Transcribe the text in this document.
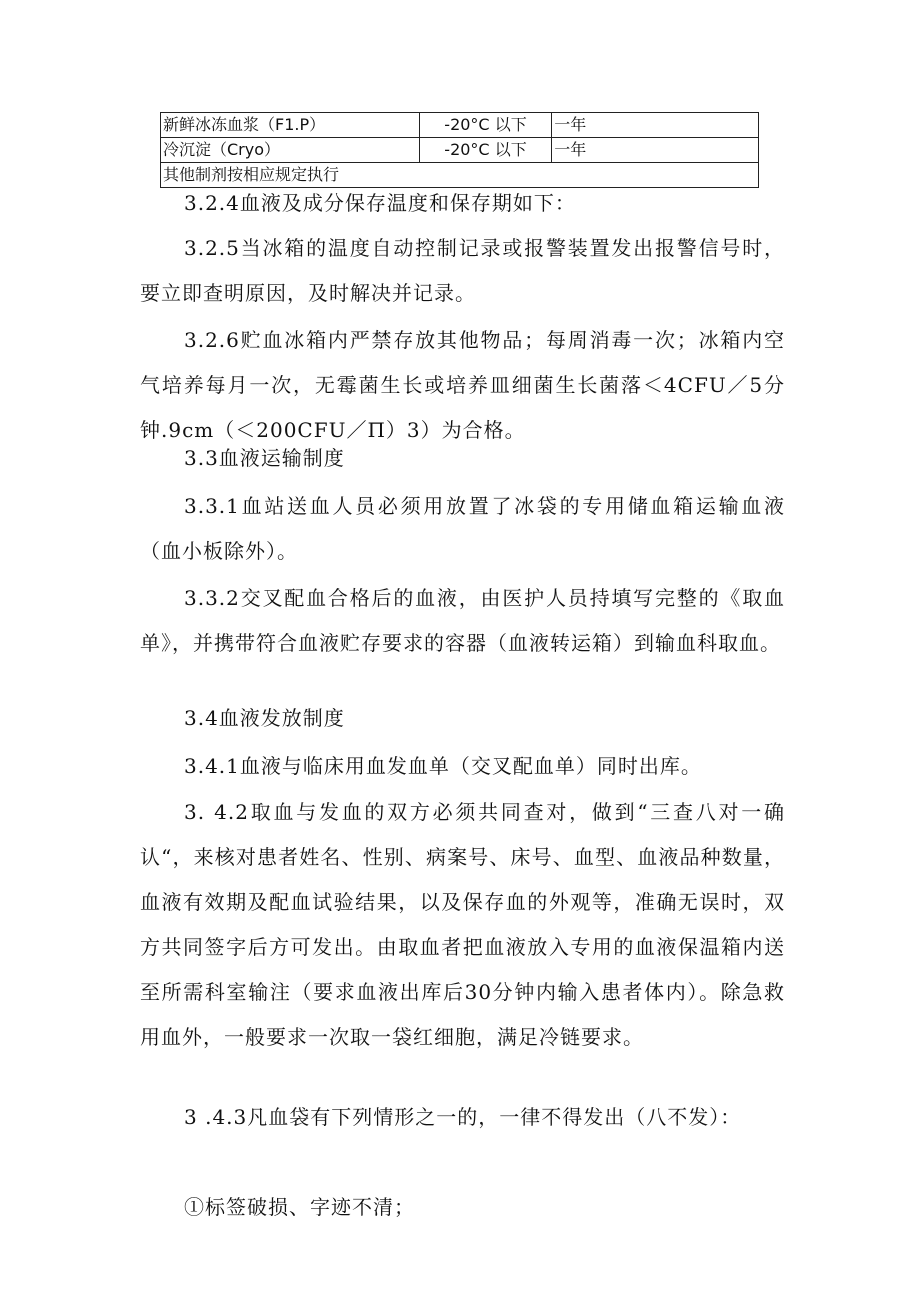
新鲜冰冻血浆（F1.P）	-20°C 以下	一年
冷沉淀（Cryo）	-20°C 以下	一年
其他制剂按相应规定执行		

3.2.4血液及成分保存温度和保存期如下：

3.2.5当冰箱的温度自动控制记录或报警装置发出报警信号时，要立即查明原因，及时解决并记录。

3.2.6贮血冰箱内严禁存放其他物品；每周消毒一次；冰箱内空气培养每月一次，无霉菌生长或培养皿细菌生长菌落＜4CFU／5分钟.9cm（＜200CFU／Π）3）为合格。

3.3血液运输制度

3.3.1血站送血人员必须用放置了冰袋的专用储血箱运输血液（血小板除外）。

3.3.2交叉配血合格后的血液，由医护人员持填写完整的《取血单》，并携带符合血液贮存要求的容器（血液转运箱）到输血科取血。

3.4血液发放制度

3.4.1血液与临床用血发血单（交叉配血单）同时出库。

3. 4.2取血与发血的双方必须共同查对，做到“三查八对一确认“，来核对患者姓名、性别、病案号、床号、血型、血液品种数量，血液有效期及配血试验结果，以及保存血的外观等，准确无误时，双方共同签字后方可发出。由取血者把血液放入专用的血液保温箱内送至所需科室输注（要求血液出库后30分钟内输入患者体内）。除急救用血外，一般要求一次取一袋红细胞，满足冷链要求。

3 .4.3凡血袋有下列情形之一的，一律不得发出（八不发）：

①标签破损、字迹不清；
